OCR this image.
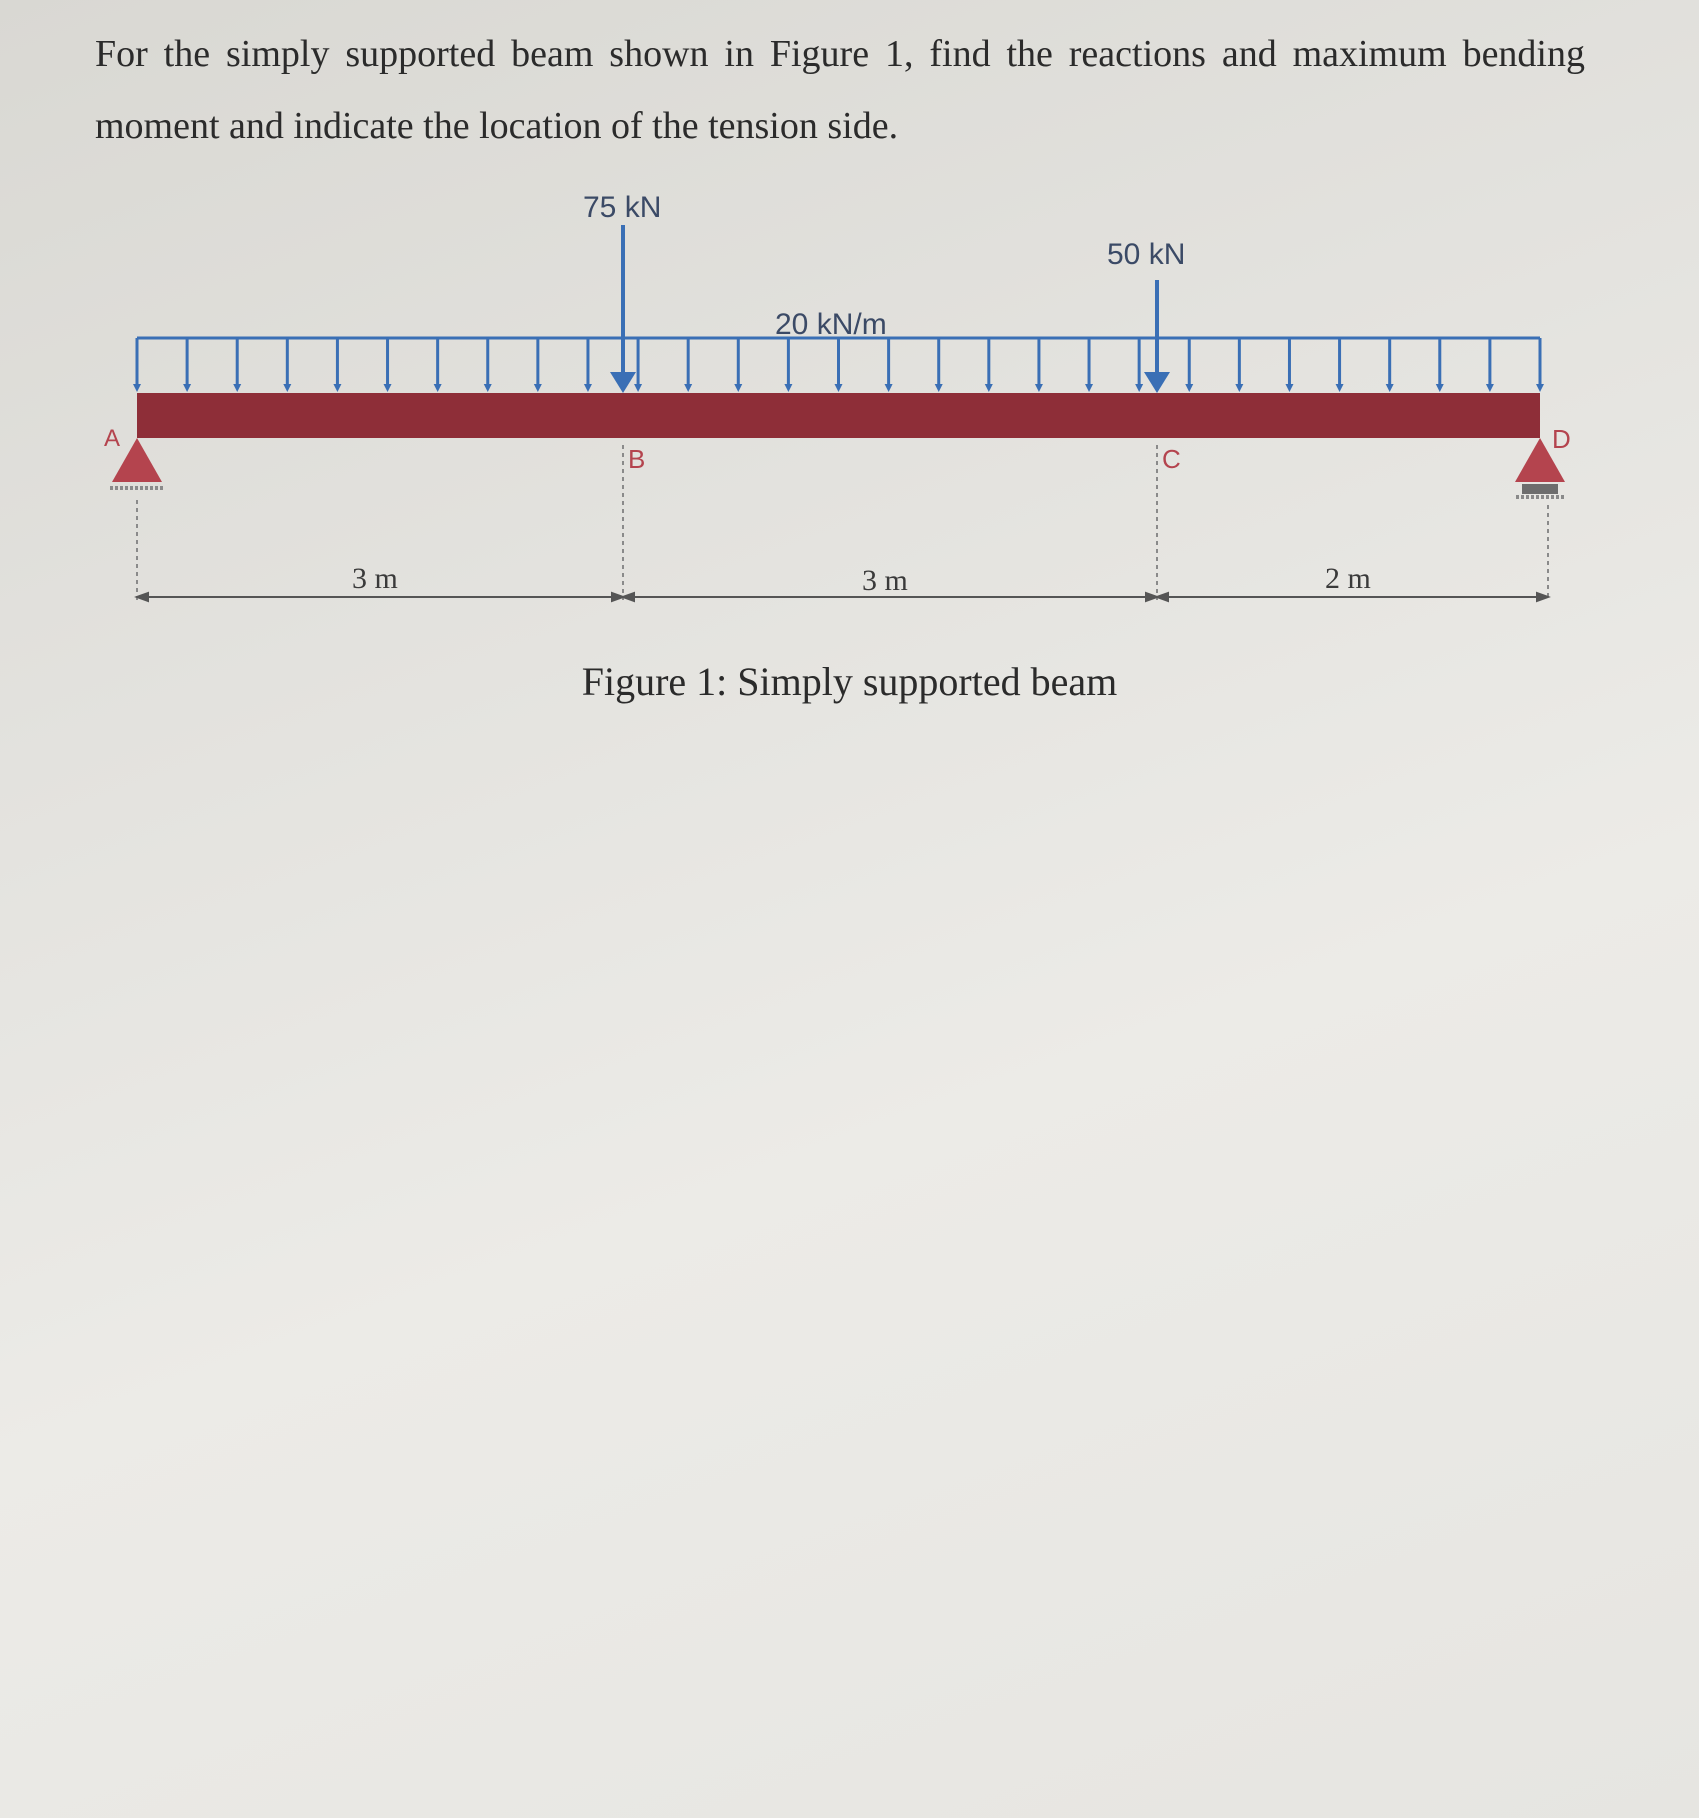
For the simply supported beam shown in Figure 1, find the reactions and maximum bending moment and indicate the location of the tension side.
75 kN
50 kN
20 kN/m
A	D
B	C
3 m	3 m	2 m
Figure 1: Simply supported beam
